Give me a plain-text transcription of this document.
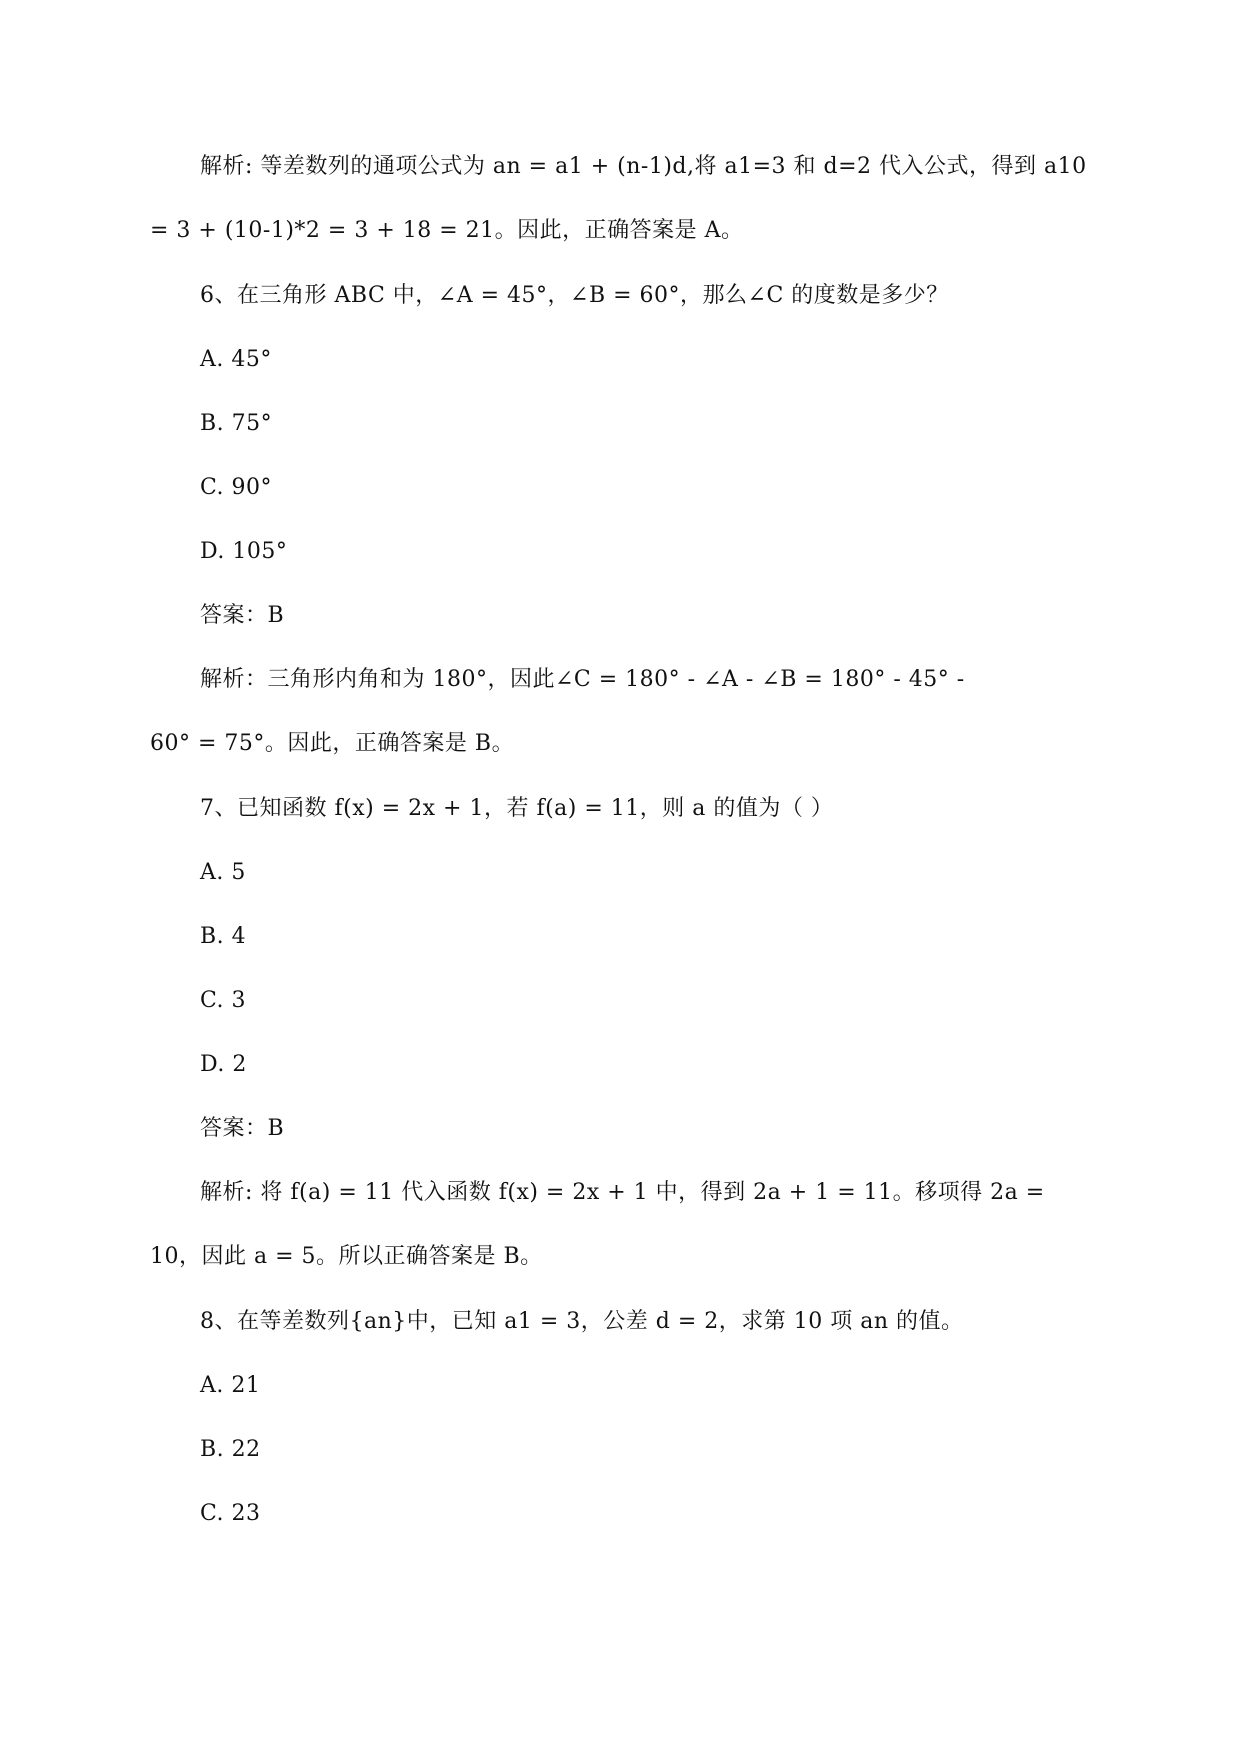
解析: 等差数列的通项公式为 an = a1 + (n-1)d,将 a1=3 和 d=2 代入公式，得到 a10
= 3 + (10-1)*2 = 3 + 18 = 21。因此，正确答案是 A。
6、在三角形 ABC 中，∠A = 45°，∠B = 60°，那么∠C 的度数是多少？
A. 45°
B. 75°
C. 90°
D. 105°
答案：B
解析：三角形内角和为 180°，因此∠C = 180° - ∠A - ∠B = 180° - 45° -
60° = 75°。因此，正确答案是 B。
7、已知函数 f(x) = 2x + 1，若 f(a) = 11，则 a 的值为（ ）
A. 5
B. 4
C. 3
D. 2
答案：B
解析: 将 f(a) = 11 代入函数 f(x) = 2x + 1 中，得到 2a + 1 = 11。移项得 2a =
10，因此 a = 5。所以正确答案是 B。
8、在等差数列{an}中，已知 a1 = 3，公差 d = 2，求第 10 项 an 的值。
A. 21
B. 22
C. 23
